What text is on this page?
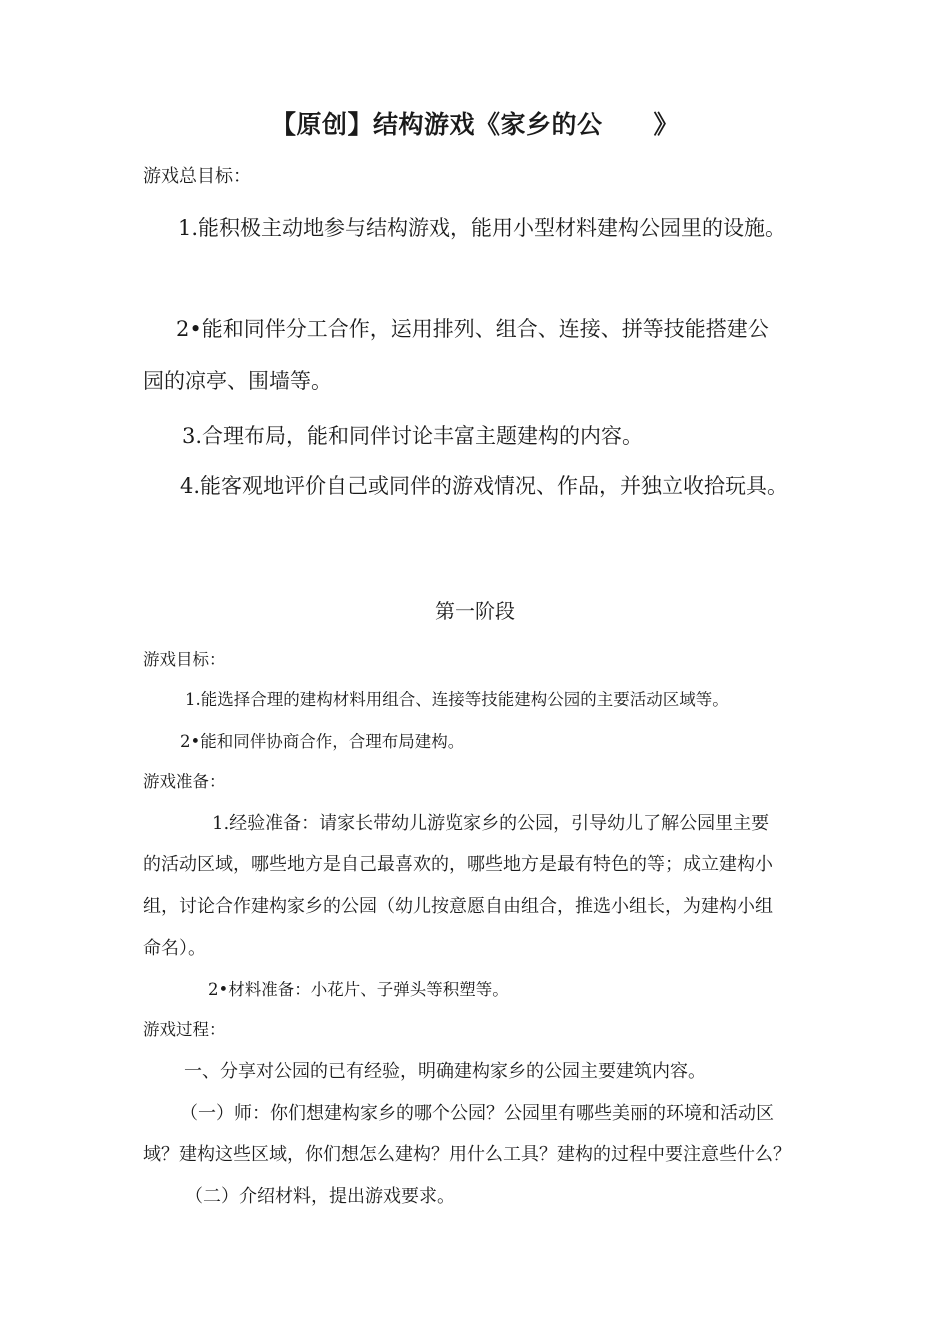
【原创】结构游戏《家乡的公　　》
游戏总目标：
1.能积极主动地参与结构游戏，能用小型材料建构公园里的设施。
2•能和同伴分工合作，运用排列、组合、连接、拼等技能搭建公
园的凉亭、围墙等。
3.合理布局，能和同伴讨论丰富主题建构的内容。
4.能客观地评价自己或同伴的游戏情况、作品，并独立收拾玩具。
第一阶段
游戏目标：
1.能选择合理的建构材料用组合、连接等技能建构公园的主要活动区域等。
2•能和同伴协商合作，合理布局建构。
游戏准备：
1.经验准备：请家长带幼儿游览家乡的公园，引导幼儿了解公园里主要
的活动区域，哪些地方是自己最喜欢的，哪些地方是最有特色的等；成立建构小
组，讨论合作建构家乡的公园（幼儿按意愿自由组合，推选小组长，为建构小组
命名）。
2•材料准备：小花片、子弹头等积塑等。
游戏过程：
一、分享对公园的已有经验，明确建构家乡的公园主要建筑内容。
（一）师：你们想建构家乡的哪个公园？公园里有哪些美丽的环境和活动区
域？建构这些区域，你们想怎么建构？用什么工具？建构的过程中要注意些什么？
（二）介绍材料，提出游戏要求。
